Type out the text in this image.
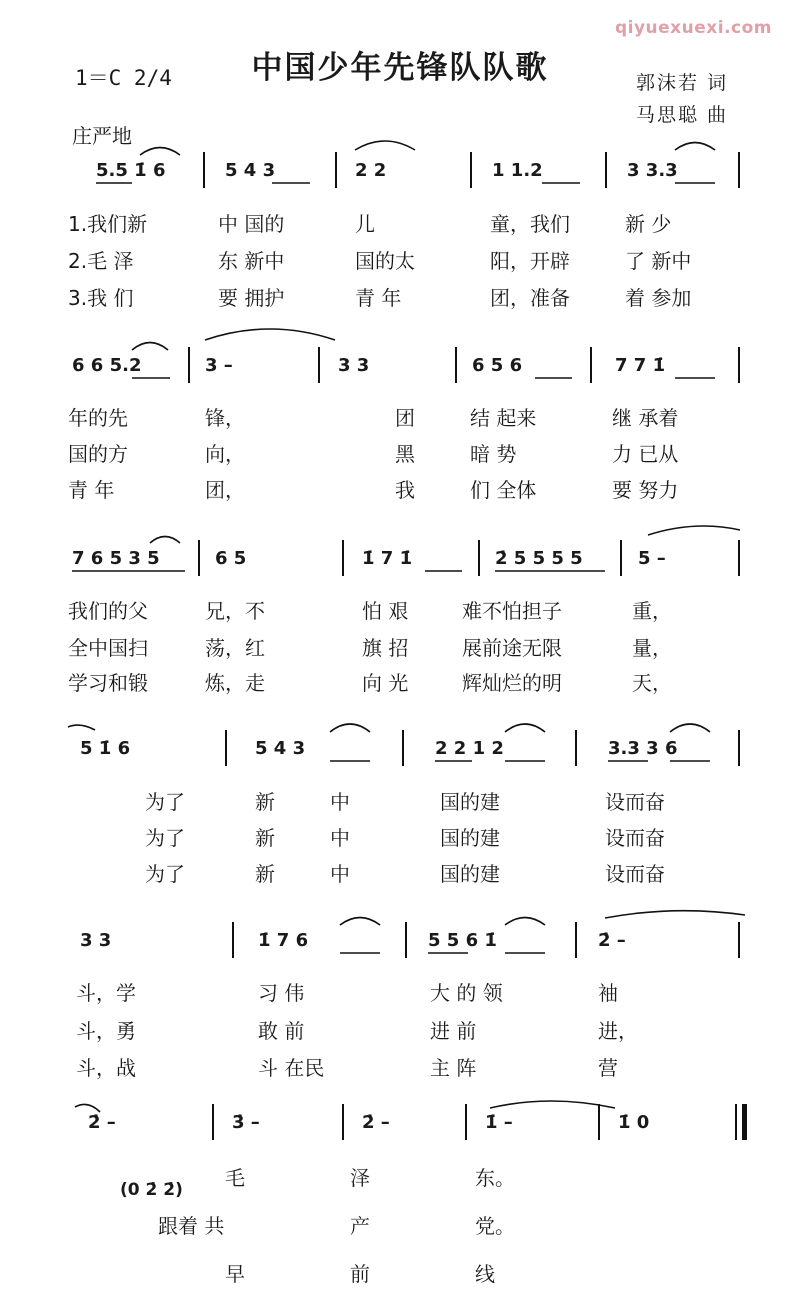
qiyuexuexi.com
中国少年先锋队队歌
1＝C 2/4
庄严地
郭沫若 词
马思聪 曲
5.5 1̇ 6	5 4 3	2 2	1 1.2	3 3.3
1.我们新	中 国的	儿	童，我们	新 少
2.毛 泽	东 新中	国的太	阳，开辟	了 新中
3.我 们	要 拥护	青 年	团，准备	着 参加
6 6 5.2	3 –	3 3	6 5 6	7 7 1̇
年的先	锋，	团	结 起来	继 承着
国的方	向，	黑	暗 势	力 已从
青 年	团，	我	们 全体	要 努力
7 6 5 3 5	6 5	1̇ 7 1̇	2̇ 5 5 5 5	5 –
我们的父	兄，不	怕 艰	难不怕担子	重，
全中国扫	荡，红	旗 招	展前途无限	量，
学习和锻	炼，走	向 光	辉灿烂的明	天，
5 1̇ 6	5 4 3	2 2 1 2	3.3 3 6
为了	新	中	国的建	设而奋
为了	新	中	国的建	设而奋
为了	新	中	国的建	设而奋
3 3	1̇ 7 6	5 5 6 1̇	2̇ –
斗，学	习 伟	大 的 领	袖
斗，勇	敢 前	进 前	进，
斗，战	斗 在民	主 阵	营
2̇ –	3̇ –	2̇ –	1̇ –	1̇ 0
(0 2̇ 2̇) 毛	泽	东。
跟着 共	产	党。
早	前	线
